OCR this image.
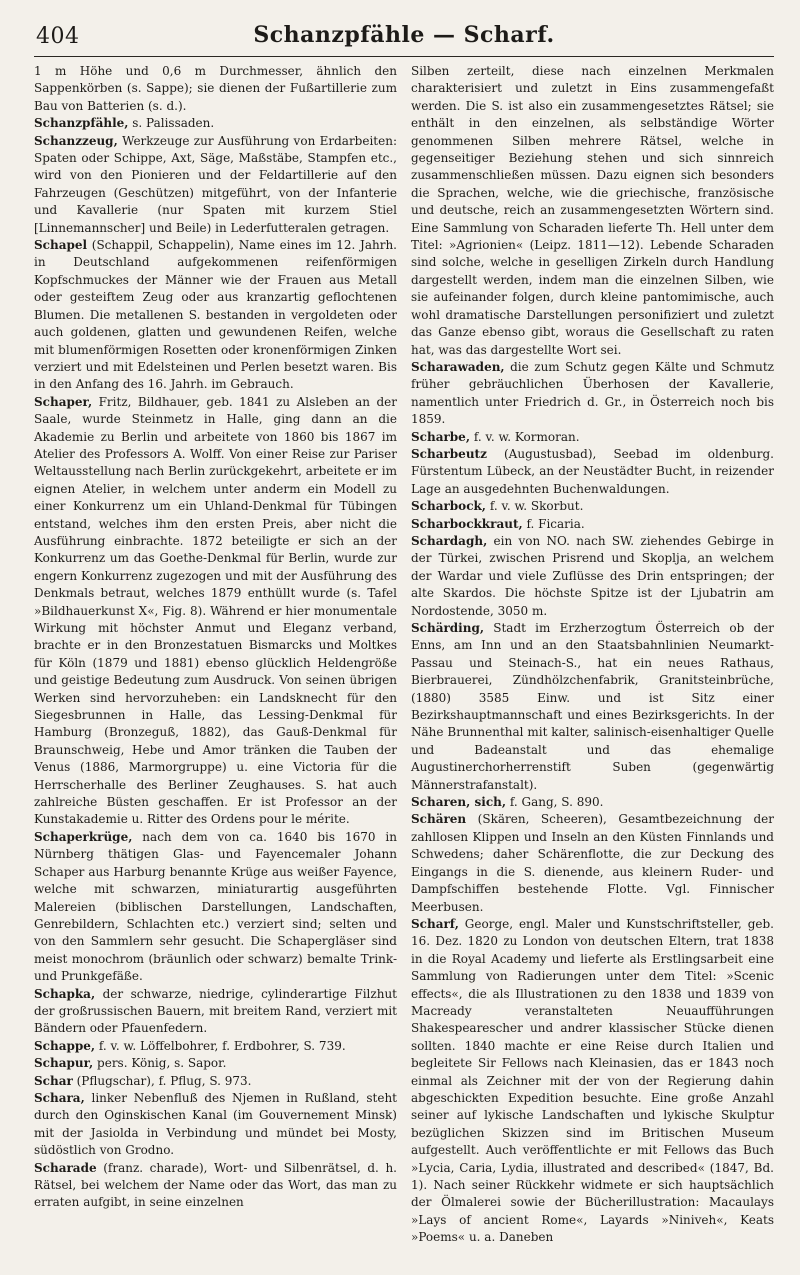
404	Schanzpfähle — Scharf.

1 m Höhe und 0,6 m Durchmesser, ähnlich den Sappenkörben (s. Sappe); sie dienen der Fußartillerie zum Bau von Batterien (s. d.).

Schanzpfähle, s. Palissaden.

Schanzzeug, Werkzeuge zur Ausführung von Erdarbeiten: Spaten oder Schippe, Axt, Säge, Maßstäbe, Stampfen etc., wird von den Pionieren und der Feldartillerie auf den Fahrzeugen (Geschützen) mitgeführt, von der Infanterie und Kavallerie (nur Spaten mit kurzem Stiel [Linnemannscher] und Beile) in Lederfutteralen getragen.

Schapel (Schappil, Schappelin), Name eines im 12. Jahrh. in Deutschland aufgekommenen reifenförmigen Kopfschmuckes der Männer wie der Frauen aus Metall oder gesteiftem Zeug oder aus kranzartig geflochtenen Blumen. Die metallenen S. bestanden in vergoldeten oder auch goldenen, glatten und gewundenen Reifen, welche mit blumenförmigen Rosetten oder kronenförmigen Zinken verziert und mit Edelsteinen und Perlen besetzt waren. Bis in den Anfang des 16. Jahrh. im Gebrauch.

Schaper, Fritz, Bildhauer, geb. 1841 zu Alsleben an der Saale, wurde Steinmetz in Halle, ging dann an die Akademie zu Berlin und arbeitete von 1860 bis 1867 im Atelier des Professors A. Wolff. Von einer Reise zur Pariser Weltausstellung nach Berlin zurückgekehrt, arbeitete er im eignen Atelier, in welchem unter anderm ein Modell zu einer Konkurrenz um ein Uhland-Denkmal für Tübingen entstand, welches ihm den ersten Preis, aber nicht die Ausführung einbrachte. 1872 beteiligte er sich an der Konkurrenz um das Goethe-Denkmal für Berlin, wurde zur engern Konkurrenz zugezogen und mit der Ausführung des Denkmals betraut, welches 1879 enthüllt wurde (s. Tafel »Bildhauerkunst X«, Fig. 8). Während er hier monumentale Wirkung mit höchster Anmut und Eleganz verband, brachte er in den Bronzestatuen Bismarcks und Moltkes für Köln (1879 und 1881) ebenso glücklich Heldengröße und geistige Bedeutung zum Ausdruck. Von seinen übrigen Werken sind hervorzuheben: ein Landsknecht für den Siegesbrunnen in Halle, das Lessing-Denkmal für Hamburg (Bronzeguß, 1882), das Gauß-Denkmal für Braunschweig, Hebe und Amor tränken die Tauben der Venus (1886, Marmorgruppe) u. eine Victoria für die Herrscherhalle des Berliner Zeughauses. S. hat auch zahlreiche Büsten geschaffen. Er ist Professor an der Kunstakademie u. Ritter des Ordens pour le mérite.

Schaperkrüge, nach dem von ca. 1640 bis 1670 in Nürnberg thätigen Glas- und Fayencemaler Johann Schaper aus Harburg benannte Krüge aus weißer Fayence, welche mit schwarzen, miniaturartig ausgeführten Malereien (biblischen Darstellungen, Landschaften, Genrebildern, Schlachten etc.) verziert sind; selten und von den Sammlern sehr gesucht. Die Schapergläser sind meist monochrom (bräunlich oder schwarz) bemalte Trink- und Prunkgefäße.

Schapka, der schwarze, niedrige, cylinderartige Filzhut der großrussischen Bauern, mit breitem Rand, verziert mit Bändern oder Pfauenfedern.

Schappe, f. v. w. Löffelbohrer, f. Erdbohrer, S. 739.

Schapur, pers. König, s. Sapor.

Schar (Pflugschar), f. Pflug, S. 973.

Schara, linker Nebenfluß des Njemen in Rußland, steht durch den Oginskischen Kanal (im Gouvernement Minsk) mit der Jasiolda in Verbindung und mündet bei Mosty, südöstlich von Grodno.

Scharade (franz. charade), Wort- und Silbenrätsel, d. h. Rätsel, bei welchem der Name oder das Wort, das man zu erraten aufgibt, in seine einzelnen

Silben zerteilt, diese nach einzelnen Merkmalen charakterisiert und zuletzt in Eins zusammengefaßt werden. Die S. ist also ein zusammengesetztes Rätsel; sie enthält in den einzelnen, als selbständige Wörter genommenen Silben mehrere Rätsel, welche in gegenseitiger Beziehung stehen und sich sinnreich zusammenschließen müssen. Dazu eignen sich besonders die Sprachen, welche, wie die griechische, französische und deutsche, reich an zusammengesetzten Wörtern sind. Eine Sammlung von Scharaden lieferte Th. Hell unter dem Titel: »Agrionien« (Leipz. 1811—12). Lebende Scharaden sind solche, welche in geselligen Zirkeln durch Handlung dargestellt werden, indem man die einzelnen Silben, wie sie aufeinander folgen, durch kleine pantomimische, auch wohl dramatische Darstellungen personifiziert und zuletzt das Ganze ebenso gibt, woraus die Gesellschaft zu raten hat, was das dargestellte Wort sei.

Scharawaden, die zum Schutz gegen Kälte und Schmutz früher gebräuchlichen Überhosen der Kavallerie, namentlich unter Friedrich d. Gr., in Österreich noch bis 1859.

Scharbe, f. v. w. Kormoran.

Scharbeutz (Augustusbad), Seebad im oldenburg. Fürstentum Lübeck, an der Neustädter Bucht, in reizender Lage an ausgedehnten Buchenwaldungen.

Scharbock, f. v. w. Skorbut.

Scharbockkraut, f. Ficaria.

Schardagh, ein von NO. nach SW. ziehendes Gebirge in der Türkei, zwischen Prisrend und Skoplja, an welchem der Wardar und viele Zuflüsse des Drin entspringen; der alte Skardos. Die höchste Spitze ist der Ljubatrin am Nordostende, 3050 m.

Schärding, Stadt im Erzherzogtum Österreich ob der Enns, am Inn und an den Staatsbahnlinien Neumarkt-Passau und Steinach-S., hat ein neues Rathaus, Bierbrauerei, Zündhölzchenfabrik, Granitsteinbrüche, (1880) 3585 Einw. und ist Sitz einer Bezirkshauptmannschaft und eines Bezirksgerichts. In der Nähe Brunnenthal mit kalter, salinisch-eisenhaltiger Quelle und Badeanstalt und das ehemalige Augustinerchorherrenstift Suben (gegenwärtig Männerstrafanstalt).

Scharen, sich, f. Gang, S. 890.

Schären (Skären, Scheeren), Gesamtbezeichnung der zahllosen Klippen und Inseln an den Küsten Finnlands und Schwedens; daher Schärenflotte, die zur Deckung des Eingangs in die S. dienende, aus kleinern Ruder- und Dampfschiffen bestehende Flotte. Vgl. Finnischer Meerbusen.

Scharf, George, engl. Maler und Kunstschriftsteller, geb. 16. Dez. 1820 zu London von deutschen Eltern, trat 1838 in die Royal Academy und lieferte als Erstlingsarbeit eine Sammlung von Radierungen unter dem Titel: »Scenic effects«, die als Illustrationen zu den 1838 und 1839 von Macready veranstalteten Neuaufführungen Shakespearescher und andrer klassischer Stücke dienen sollten. 1840 machte er eine Reise durch Italien und begleitete Sir Fellows nach Kleinasien, das er 1843 noch einmal als Zeichner mit der von der Regierung dahin abgeschickten Expedition besuchte. Eine große Anzahl seiner auf lykische Landschaften und lykische Skulptur bezüglichen Skizzen sind im Britischen Museum aufgestellt. Auch veröffentlichte er mit Fellows das Buch »Lycia, Caria, Lydia, illustrated and described« (1847, Bd. 1). Nach seiner Rückkehr widmete er sich hauptsächlich der Ölmalerei sowie der Bücherillustration: Macaulays »Lays of ancient Rome«, Layards »Niniveh«, Keats »Poems« u. a. Daneben
